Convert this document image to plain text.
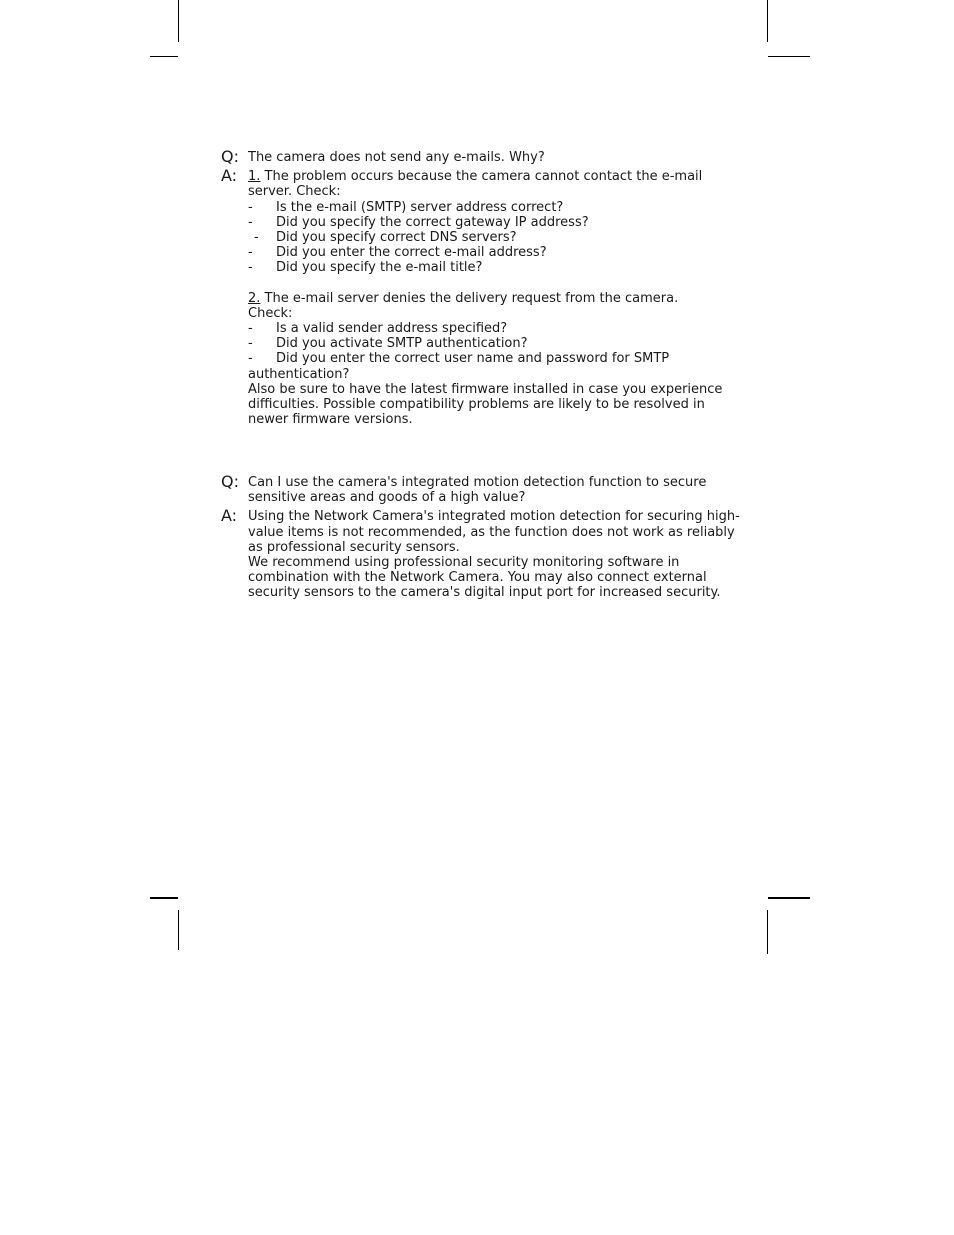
Q: The camera does not send any e-mails. Why?
A: 1. The problem occurs because the camera cannot contact the e-mail
server. Check:
- Is the e-mail (SMTP) server address correct?
- Did you specify the correct gateway IP address?
- Did you specify correct DNS servers?
- Did you enter the correct e-mail address?
- Did you specify the e-mail title?
2. The e-mail server denies the delivery request from the camera.
Check:
- Is a valid sender address specified?
- Did you activate SMTP authentication?
- Did you enter the correct user name and password for SMTP
authentication?
Also be sure to have the latest firmware installed in case you experience
difficulties. Possible compatibility problems are likely to be resolved in
newer firmware versions.
Q: Can I use the camera's integrated motion detection function to secure
sensitive areas and goods of a high value?
A: Using the Network Camera's integrated motion detection for securing high-
value items is not recommended, as the function does not work as reliably
as professional security sensors.
We recommend using professional security monitoring software in
combination with the Network Camera. You may also connect external
security sensors to the camera's digital input port for increased security.
